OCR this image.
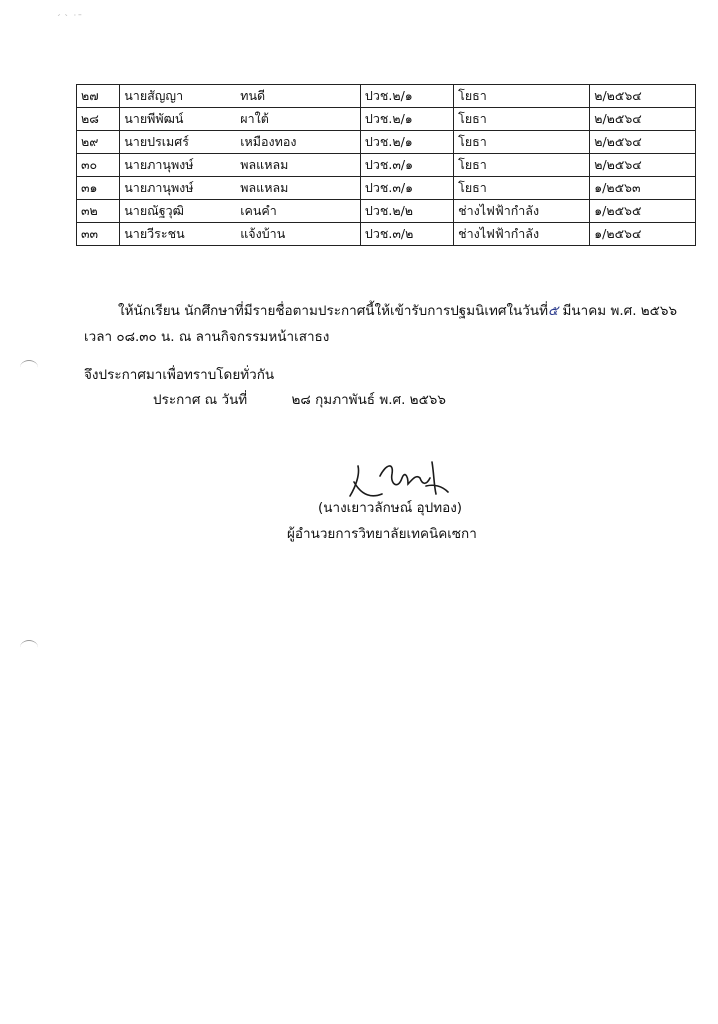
ˊ ˋ ˙ˉ
๒๗	นายสัญญา ทนดี	ปวช.๒/๑	โยธา	๒/๒๕๖๔
๒๘	นายพีพัฒน์ ผาใต้	ปวช.๒/๑	โยธา	๒/๒๕๖๔
๒๙	นายปรเมศร์ เหมืองทอง	ปวช.๒/๑	โยธา	๒/๒๕๖๔
๓๐	นายภานุพงษ์ พลแหลม	ปวช.๓/๑	โยธา	๒/๒๕๖๔
๓๑	นายภานุพงษ์ พลแหลม	ปวช.๓/๑	โยธา	๑/๒๕๖๓
๓๒	นายณัฐวุฒิ เคนคำ	ปวช.๒/๒	ช่างไฟฟ้ากำลัง	๑/๒๕๖๕
๓๓	นายวีระชน แจ้งบ้าน	ปวช.๓/๒	ช่างไฟฟ้ากำลัง	๑/๒๕๖๔
ให้นักเรียน นักศึกษาที่มีรายชื่อตามประกาศนี้ให้เข้ารับการปฐมนิเทศในวันที่๕ มีนาคม พ.ศ. ๒๕๖๖ เวลา ๐๘.๓๐ น. ณ ลานกิจกรรมหน้าเสาธง
จึงประกาศมาเพื่อทราบโดยทั่วกัน
ประกาศ ณ วันที่	๒๘ กุมภาพันธ์ พ.ศ. ๒๕๖๖
(นางเยาวลักษณ์ อุปทอง)
ผู้อำนวยการวิทยาลัยเทคนิคเซกา
